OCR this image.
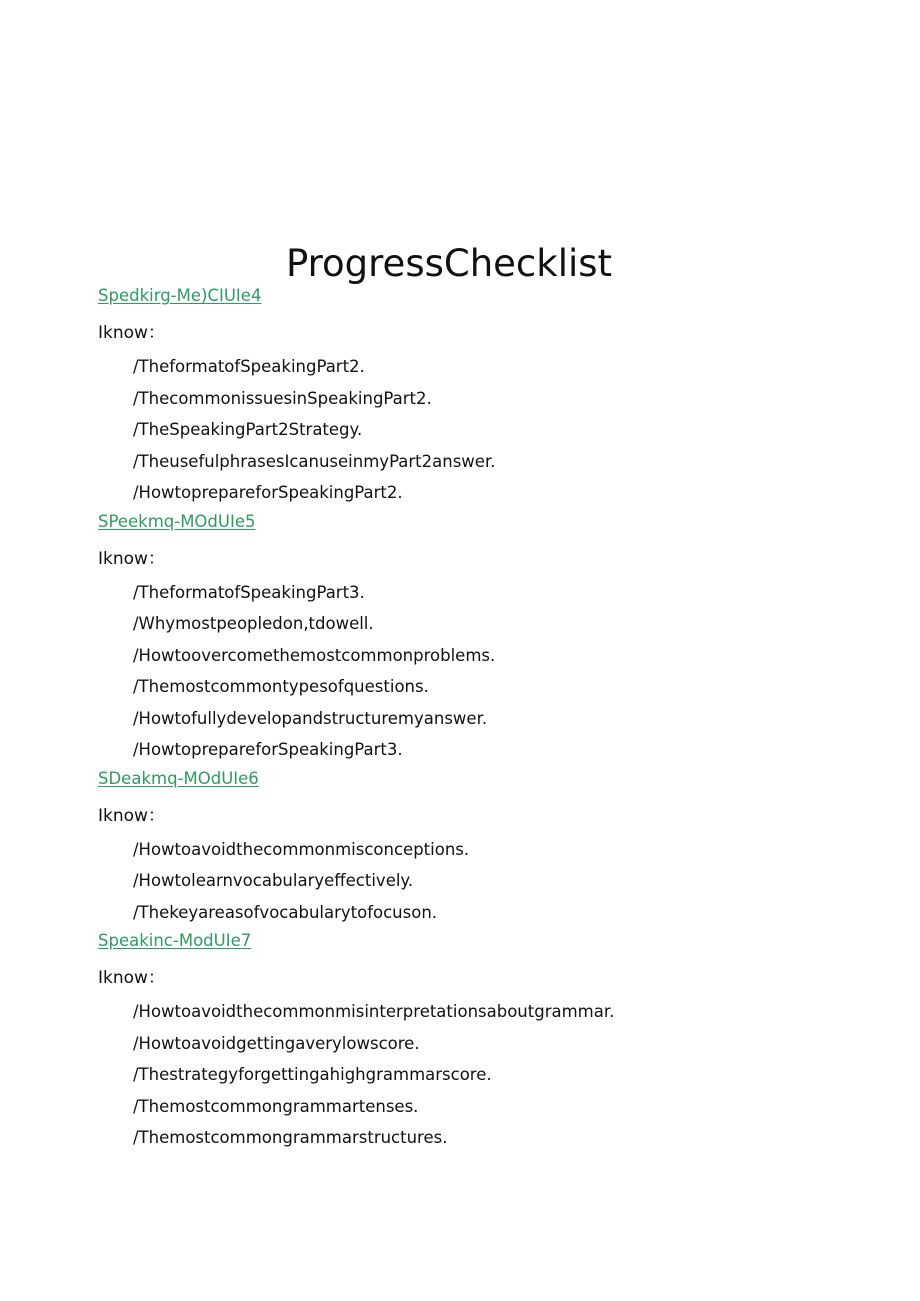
ProgressChecklist
Spedkirg-Me)CIUIe4
Iknow：
/TheformatofSpeakingPart2.
/ThecommonissuesinSpeakingPart2.
/TheSpeakingPart2Strategy.
/TheusefulphrasesIcanuseinmyPart2answer.
/HowtoprepareforSpeakingPart2.
SPeekmq-MOdUIe5
Iknow：
/TheformatofSpeakingPart3.
/Whymostpeopledon‚tdowell.
/Howtoovercomethemostcommonproblems.
/Themostcommontypesofquestions.
/Howtofullydevelopandstructuremyanswer.
/HowtoprepareforSpeakingPart3.
SDeakmq-MOdUIe6
Iknow：
/Howtoavoidthecommonmisconceptions.
/Howtolearnvocabularyeffectively.
/Thekeyareasofvocabularytofocuson.
Speakinc-ModUIe7
Iknow：
/Howtoavoidthecommonmisinterpretationsaboutgrammar.
/Howtoavoidgettingaverylowscore.
/Thestrategyforgettingahighgrammarscore.
/Themostcommongrammartenses.
/Themostcommongrammarstructures.
